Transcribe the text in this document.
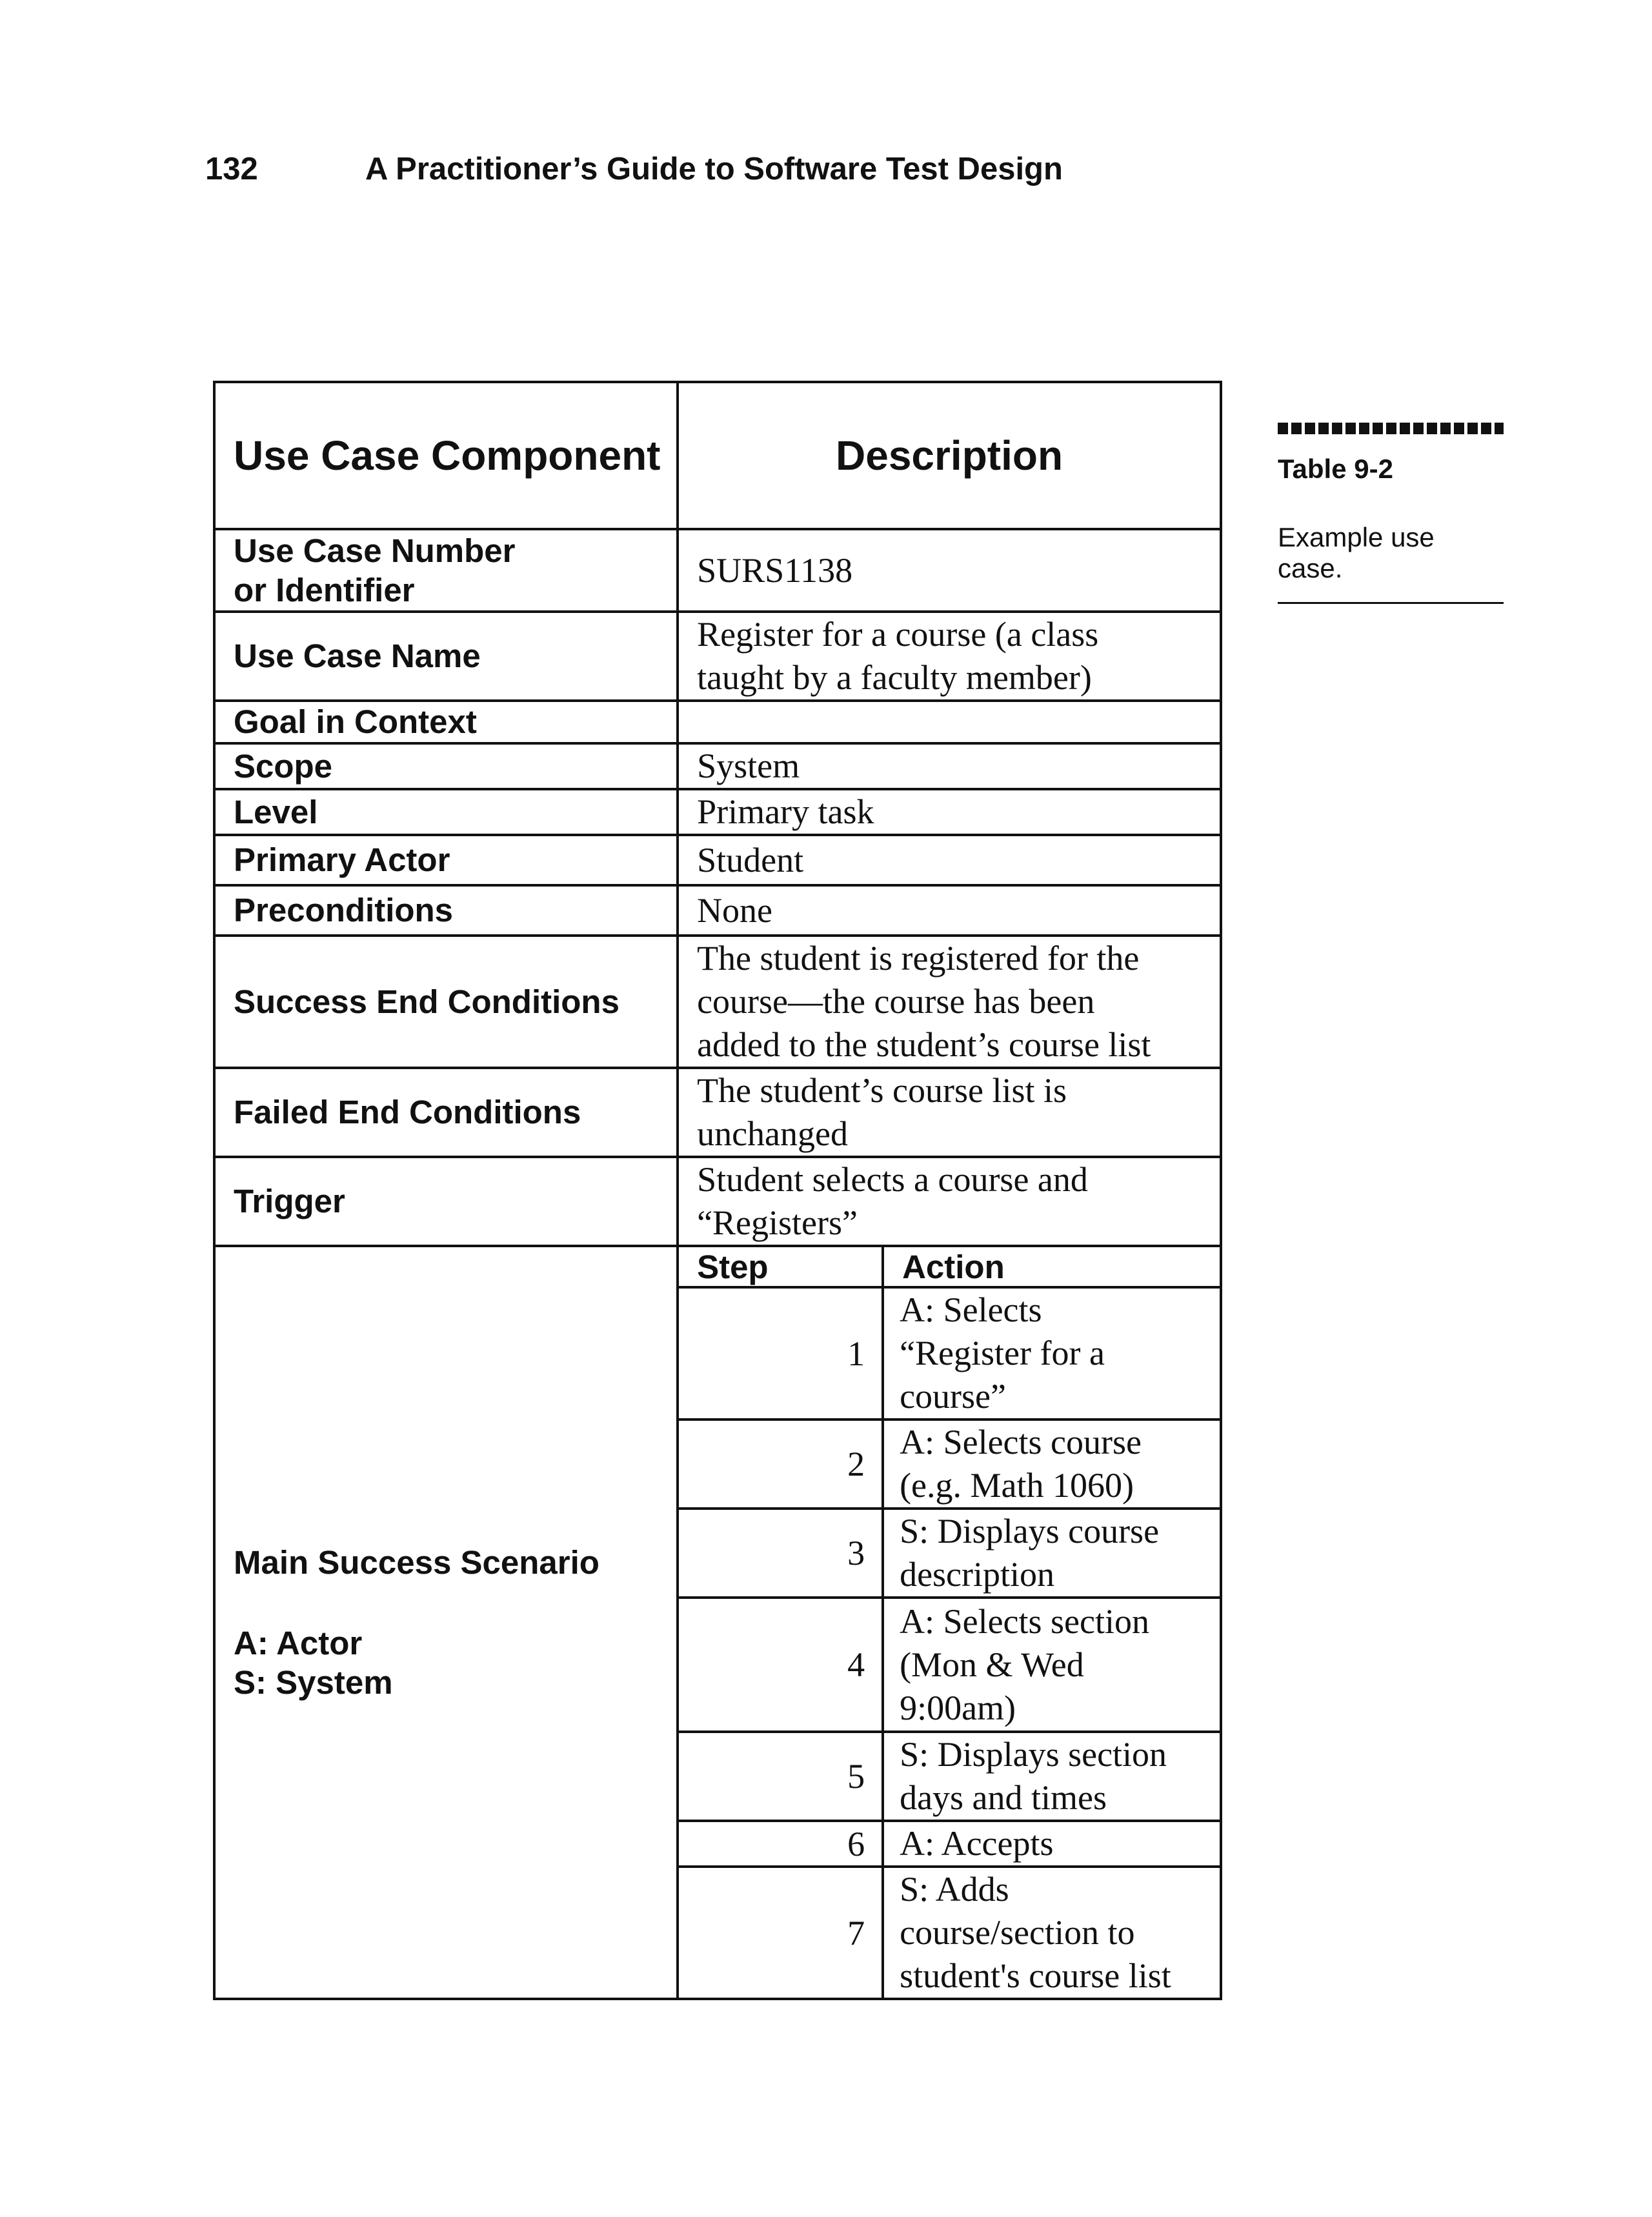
132	A Practitioner’s Guide to Software Test Design
Use Case Component	Description
Use Case Number
or Identifier	SURS1138
Use Case Name	Register for a course (a class
taught by a faculty member)
Goal in Context	
Scope	System
Level	Primary task
Primary Actor	Student
Preconditions	None
Success End Conditions	The student is registered for the
course—the course has been
added to the student’s course list
Failed End Conditions	The student’s course list is
unchanged
Trigger	Student selects a course and
“Registers”

Main Success Scenario
A: Actor
S: System

Step	Action
1	A: Selects
“Register for a
course”
2	A: Selects course
(e.g. Math 1060)
3	S: Displays course
description
4	A: Selects section
(Mon & Wed
9:00am)
5	S: Displays section
days and times
6	A: Accepts
7	S: Adds
course/section to
student's course list
Table 9-2
Example use case.
